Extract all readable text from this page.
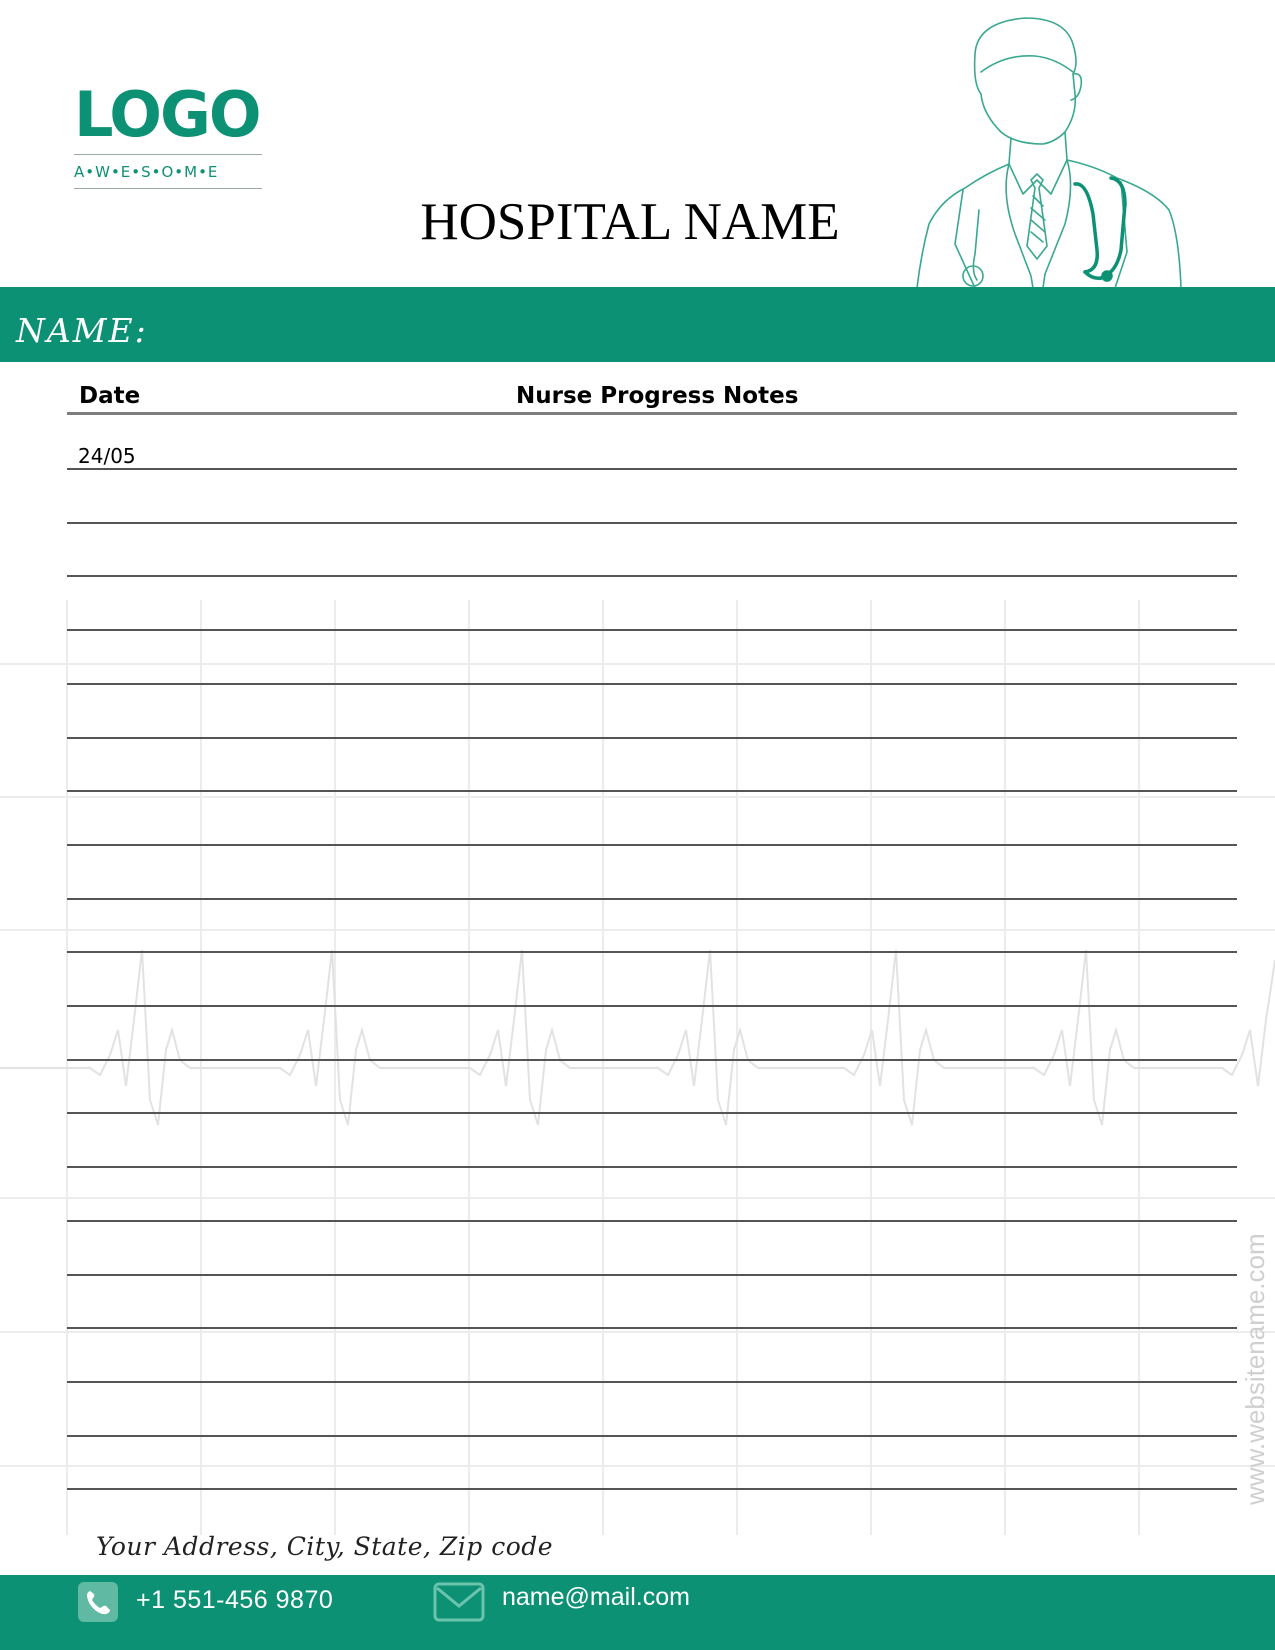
LOGO
A•W•E•S•O•M•E
HOSPITAL NAME
NAME:
Date	Nurse Progress Notes
24/05
www.websitename.com
Your Address, City, State, Zip code
+1 551-456 9870	name@mail.com
